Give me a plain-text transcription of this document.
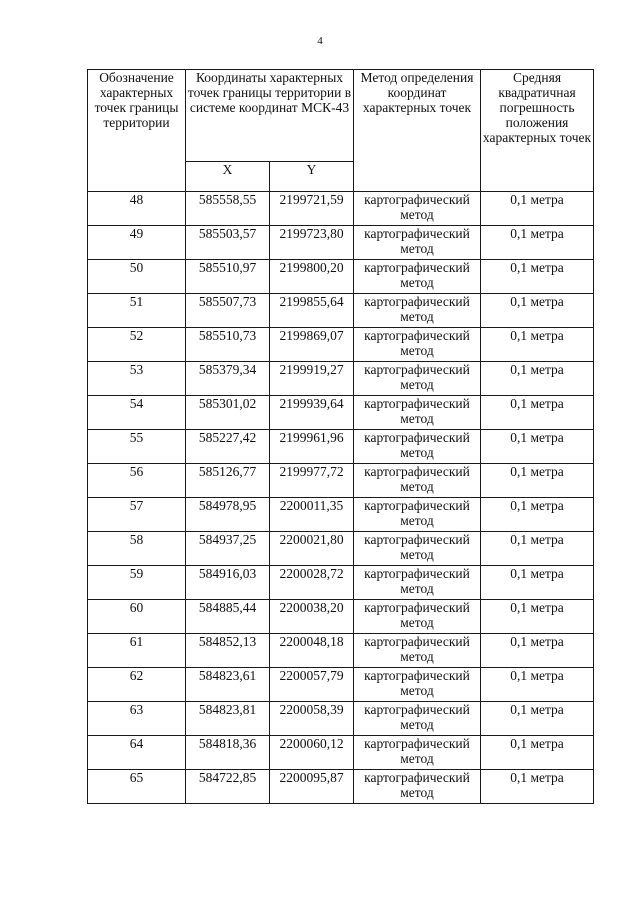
4
Обозначение характерных точек границы территории	Координаты характерных точек границы территории в системе координат МСК-43		Метод определения координат характерных точек	Средняя квадратичная погрешность положения характерных точек
	X	Y		
48	585558,55	2199721,59	картографический метод	0,1 метра
49	585503,57	2199723,80	картографический метод	0,1 метра
50	585510,97	2199800,20	картографический метод	0,1 метра
51	585507,73	2199855,64	картографический метод	0,1 метра
52	585510,73	2199869,07	картографический метод	0,1 метра
53	585379,34	2199919,27	картографический метод	0,1 метра
54	585301,02	2199939,64	картографический метод	0,1 метра
55	585227,42	2199961,96	картографический метод	0,1 метра
56	585126,77	2199977,72	картографический метод	0,1 метра
57	584978,95	2200011,35	картографический метод	0,1 метра
58	584937,25	2200021,80	картографический метод	0,1 метра
59	584916,03	2200028,72	картографический метод	0,1 метра
60	584885,44	2200038,20	картографический метод	0,1 метра
61	584852,13	2200048,18	картографический метод	0,1 метра
62	584823,61	2200057,79	картографический метод	0,1 метра
63	584823,81	2200058,39	картографический метод	0,1 метра
64	584818,36	2200060,12	картографический метод	0,1 метра
65	584722,85	2200095,87	картографический метод	0,1 метра
